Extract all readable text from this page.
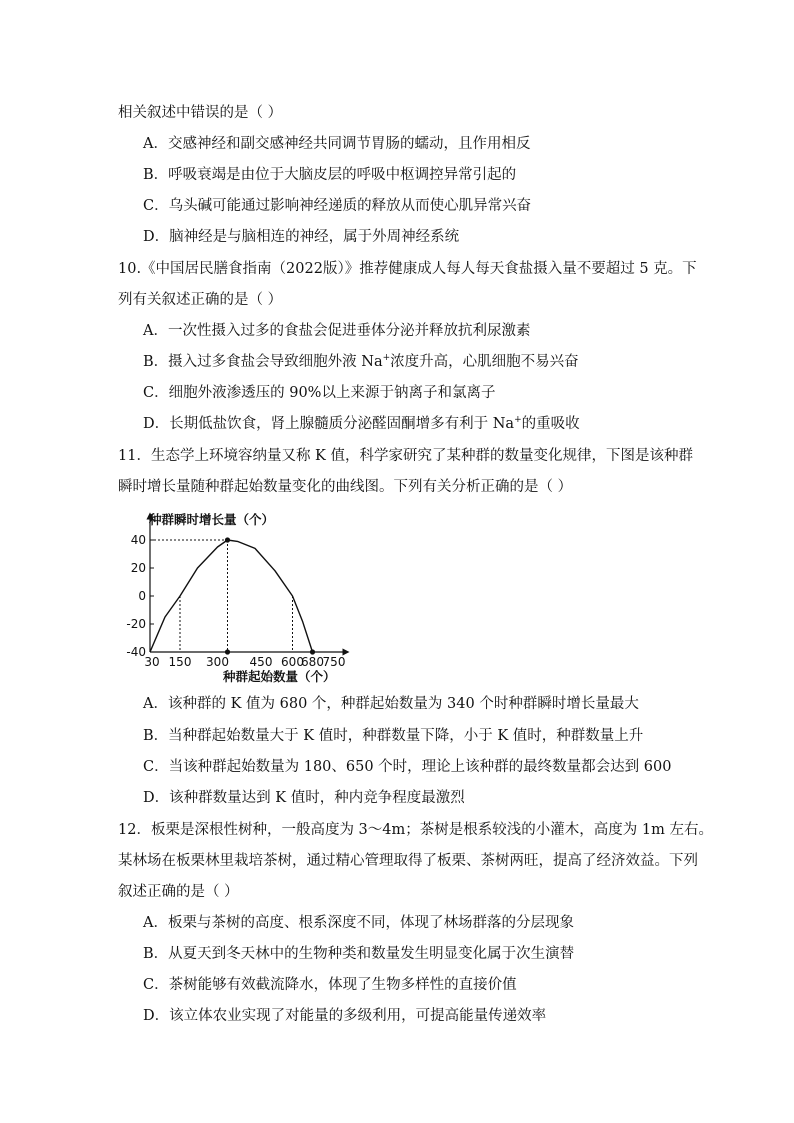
相关叙述中错误的是（ ）
A．交感神经和副交感神经共同调节胃肠的蠕动，且作用相反
B．呼吸衰竭是由位于大脑皮层的呼吸中枢调控异常引起的
C．乌头碱可能通过影响神经递质的释放从而使心肌异常兴奋
D．脑神经是与脑相连的神经，属于外周神经系统
10.《中国居民膳食指南（2022版）》推荐健康成人每人每天食盐摄入量不要超过 5 克。下
列有关叙述正确的是（ ）
A．一次性摄入过多的食盐会促进垂体分泌并释放抗利尿激素
B．摄入过多食盐会导致细胞外液 Na+浓度升高，心肌细胞不易兴奋
C．细胞外液渗透压的 90%以上来源于钠离子和氯离子
D．长期低盐饮食，肾上腺髓质分泌醛固酮增多有利于 Na+的重吸收
11．生态学上环境容纳量又称 K 值，科学家研究了某种群的数量变化规律，下图是该种群
瞬时增长量随种群起始数量变化的曲线图。下列有关分析正确的是（ ）
40
20
0
-20
-40
30 150 300 450 600
680
750
种群瞬时增长量（个）
种群起始数量（个）
A．该种群的 K 值为 680 个，种群起始数量为 340 个时种群瞬时增长量最大
B．当种群起始数量大于 K 值时，种群数量下降，小于 K 值时，种群数量上升
C．当该种群起始数量为 180、650 个时，理论上该种群的最终数量都会达到 600
D．该种群数量达到 K 值时，种内竞争程度最激烈
12．板栗是深根性树种，一般高度为 3～4m；茶树是根系较浅的小灌木，高度为 1m 左右。
某林场在板栗林里栽培茶树，通过精心管理取得了板栗、茶树两旺，提高了经济效益。下列
叙述正确的是（ ）
A．板栗与茶树的高度、根系深度不同，体现了林场群落的分层现象
B．从夏天到冬天林中的生物种类和数量发生明显变化属于次生演替
C．茶树能够有效截流降水，体现了生物多样性的直接价值
D．该立体农业实现了对能量的多级利用，可提高能量传递效率
